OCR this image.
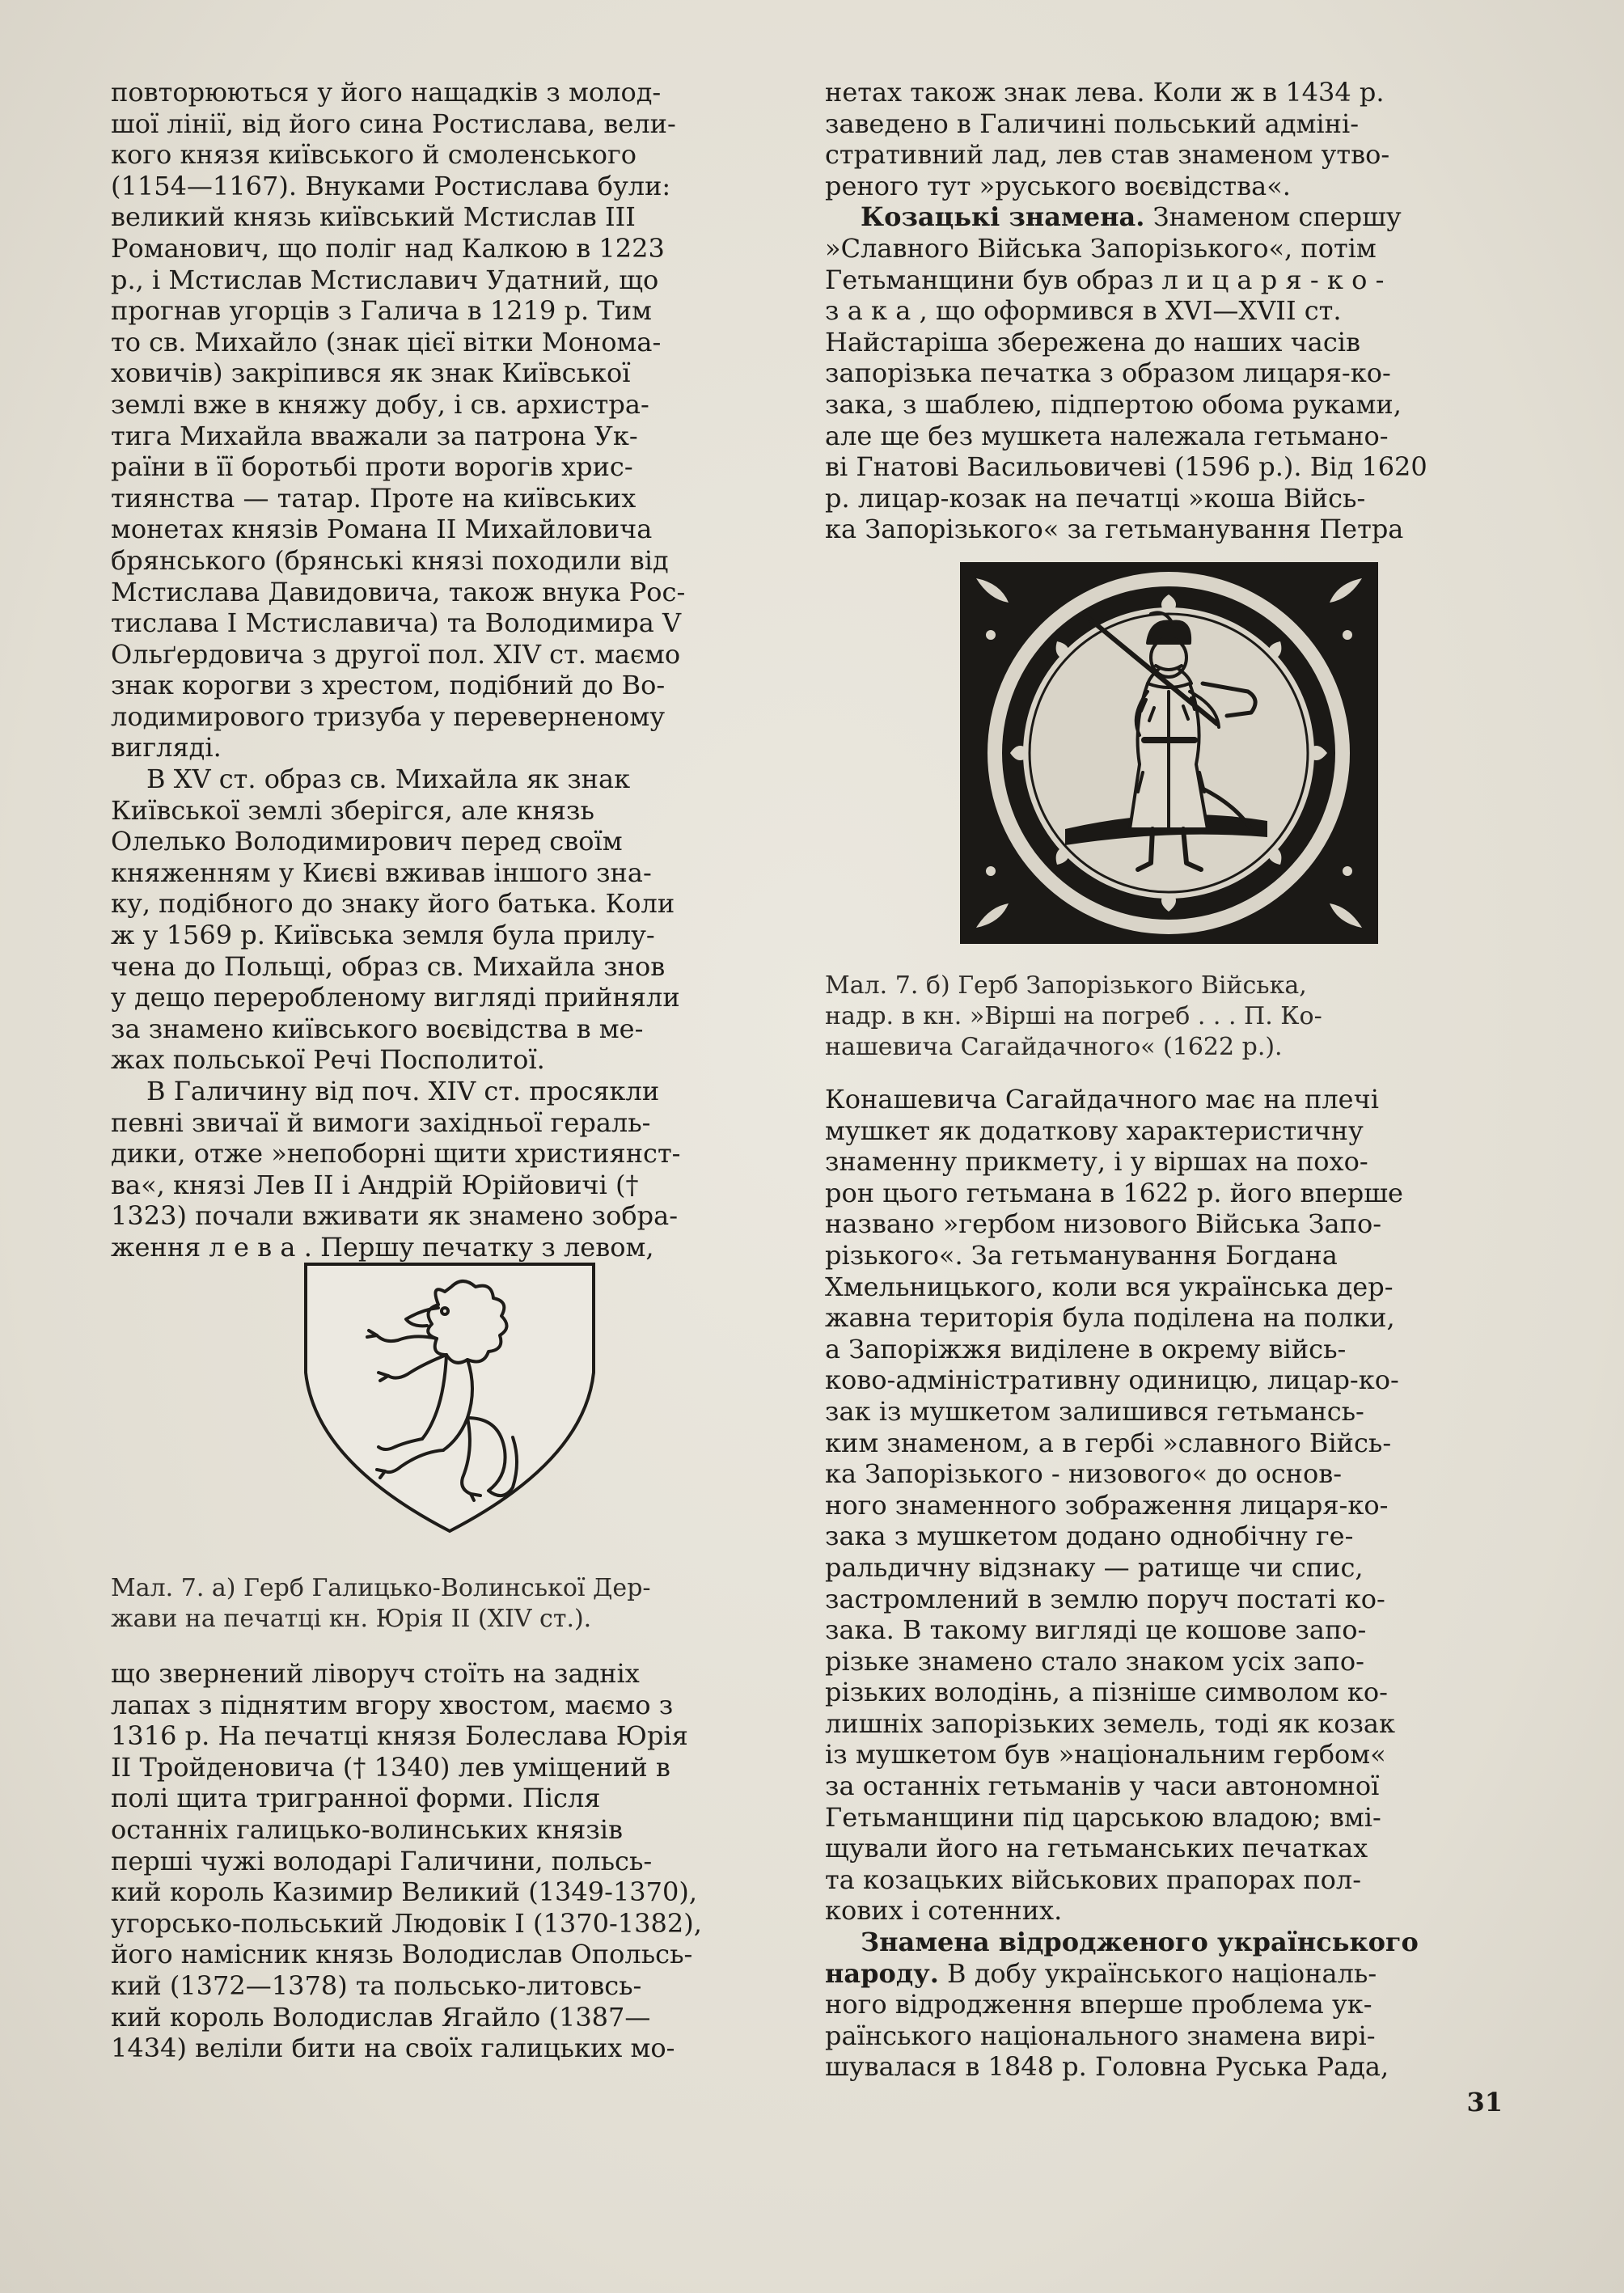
повторюються у його нащадків з молод-
шої лінії, від його сина Ростислава, вели-
кого князя київського й смоленського
(1154—1167). Внуками Ростислава були:
великий князь київський Мстислав III
Романович, що поліг над Калкою в 1223
р., і Мстислав Мстиславич Удатний, що
прогнав угорців з Галича в 1219 р. Тим
то св. Михайло (знак цієї вітки Монома-
ховичів) закріпився як знак Київської
землі вже в княжу добу, і св. архистра-
тига Михайла вважали за патрона Ук-
раїни в її боротьбі проти ворогів хрис-
тиянства — татар. Проте на київських
монетах князів Романа II Михайловича
брянського (брянські князі походили від
Мстислава Давидовича, також внука Рос-
тислава I Мстиславича) та Володимира V
Ольґердовича з другої пол. XIV ст. маємо
знак корогви з хрестом, подібний до Во-
лодимирового тризуба у перевернeному
вигляді.

В XV ст. образ св. Михайла як знак
Київської землі зберігся, але князь
Олелько Володимирович перед своїм
княженням у Києві вживав іншого зна-
ку, подібного до знаку його батька. Коли
ж у 1569 р. Київська земля була прилу-
чена до Польщі, образ св. Михайла знов
у дещо переробленому вигляді прийняли
за знамено київського воєвідства в ме-
жах польської Речі Посполитої.

В Галичину від поч. XIV ст. просякли
певні звичаї й вимоги західньої гераль-
дики, отже »непоборні щити християнст-
ва«, князі Лев II і Андрій Юрійовичі (†
1323) почали вживати як знамено зобра-
ження лева. Першу печатку з левом,

Мал. 7. а) Герб Галицько-Волинської Дер-
жави на печатці кн. Юрія II (XIV ст.).

що звернений ліворуч стоїть на задніх
лапах з піднятим вгору хвостом, маємо з
1316 р. На печатці князя Болеслава Юрія
II Тройденовича († 1340) лев уміщений в
полі щита триграннoї форми. Після
останніх галицько-волинських князів
перші чужі володарі Галичини, польсь-
кий король Казимир Великий (1349-1370),
угорсько-польський Людовік I (1370-1382),
його намісник князь Володислав Опольсь-
кий (1372—1378) та польсько-литовсь-
кий король Володислав Ягайло (1387—
1434) веліли бити на своїх галицьких мо-

нетах також знак лева. Коли ж в 1434 р.
заведено в Галичині польський адміні-
стративний лад, лев став знаменом утво-
реного тут »руського воєвідства«.

Козацькі знамена. Знаменом спершу
»Славного Війська Запорізького«, потім
Гетьманщини був образ лицаря-ко-
зака, що оформився в XVI—XVII ст.
Найстаріша збережена до наших часів
запорізька печатка з образом лицаря-ко-
зака, з шаблею, підпертою обома руками,
але ще без мушкета належала гетьмано-
ві Гнатові Васильовичеві (1596 р.). Від 1620
р. лицар-козак на печатці »коша Війсь-
ка Запорізького« за гетьманування Петра

Мал. 7. б) Герб Запорізького Війська,
надр. в кн. »Вірші на погреб . . . П. Ко-
нашевича Сагайдачного« (1622 р.).

Конашевича Сагайдачного має на плечі
мушкет як додаткову характеристичну
знаменну прикмету, і у віршах на похо-
рон цього гетьмана в 1622 р. його вперше
названо »гербом низового Війська Запо-
різького«. За гетьманування Богдана
Хмельницького, коли вся українська дер-
жавна територія була поділена на полки,
а Запоріжжя виділене в окрему війсь-
ково-адміністративну одиницю, лицар-ко-
зак із мушкетом залишився гетьмансь-
ким знаменом, а в гербі »славного Війсь-
ка Запорізького - низового« до основ-
ного знаменного зображення лицаря-ко-
зака з мушкетом додано однобічну ге-
ральдичну відзнаку — ратище чи спис,
застромлений в землю поруч постаті ко-
зака. В такому вигляді це кошове запо-
різьке знамено стало знаком усіх запо-
різьких володінь, а пізніше символом ко-
лишніх запорізьких земель, тоді як козак
із мушкетом був »національним гербом«
за останніх гетьманів у часи автономної
Гетьманщини під царською владою; вмі-
щували його на гетьманських печатках
та козацьких військових прапорах пол-
кових і сотенних.

Знамена відродженого українського
народу. В добу українського національ-
ного відродження вперше проблема ук-
раїнського національного знамена вирі-
шувалася в 1848 р. Головна Руська Рада,

31
